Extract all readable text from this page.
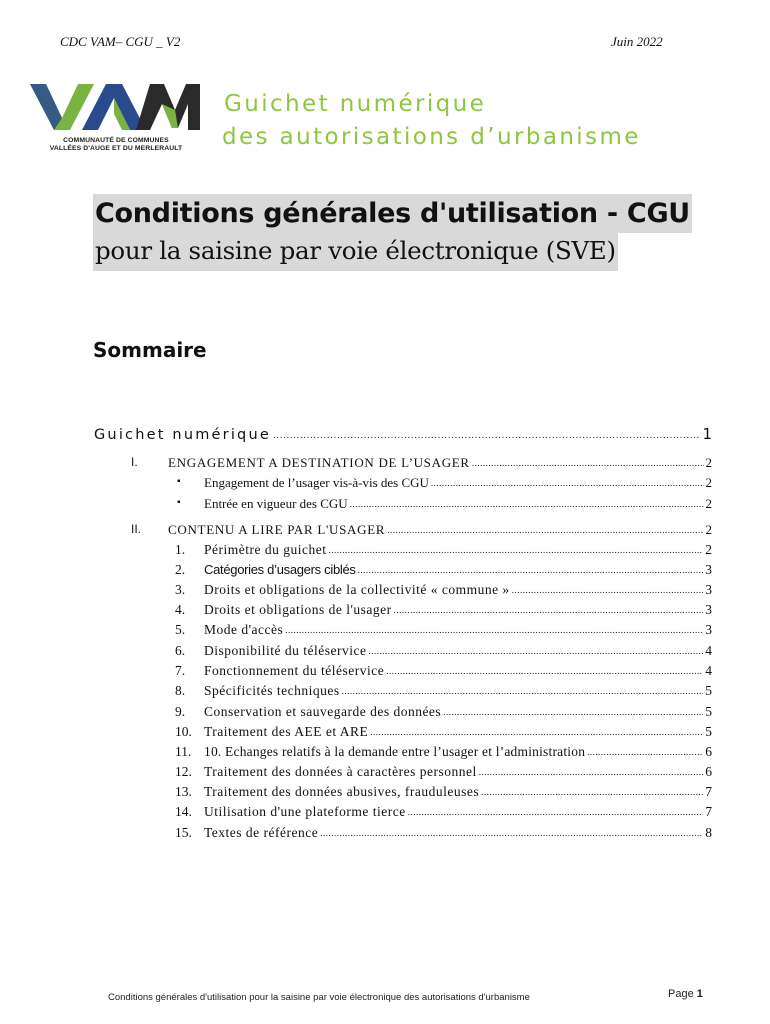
CDC VAM– CGU _ V2	Juin 2022
COMMUNAUTÉ DE COMMUNES
VALLÉES D'AUGE ET DU MERLERAULT
Guichet numérique
des autorisations d’urbanisme
Conditions générales d'utilisation - CGU
pour la saisine par voie électronique (SVE)
Sommaire
Guichet numérique .....	1
I. ENGAGEMENT A DESTINATION DE L’USAGER .....	2
▪ Engagement de l’usager vis-à-vis des CGU .....	2
▪ Entrée en vigueur des CGU .....	2
II. CONTENU A LIRE PAR L'USAGER .....	2
1. Périmètre du guichet .....	2
2. Catégories d’usagers ciblés .....	3
3. Droits et obligations de la collectivité « commune » .....	3
4. Droits et obligations de l'usager .....	3
5. Mode d'accès .....	3
6. Disponibilité du téléservice .....	4
7. Fonctionnement du téléservice .....	4
8. Spécificités techniques .....	5
9. Conservation et sauvegarde des données .....	5
10. Traitement des AEE et ARE .....	5
11. 10. Echanges relatifs à la demande entre l’usager et l’administration .....	6
12. Traitement des données à caractères personnel .....	6
13. Traitement des données abusives, frauduleuses .....	7
14. Utilisation d'une plateforme tierce .....	7
15. Textes de référence .....	8
Conditions générales d'utilisation pour la saisine par voie électronique des autorisations d'urbanisme	Page 1
